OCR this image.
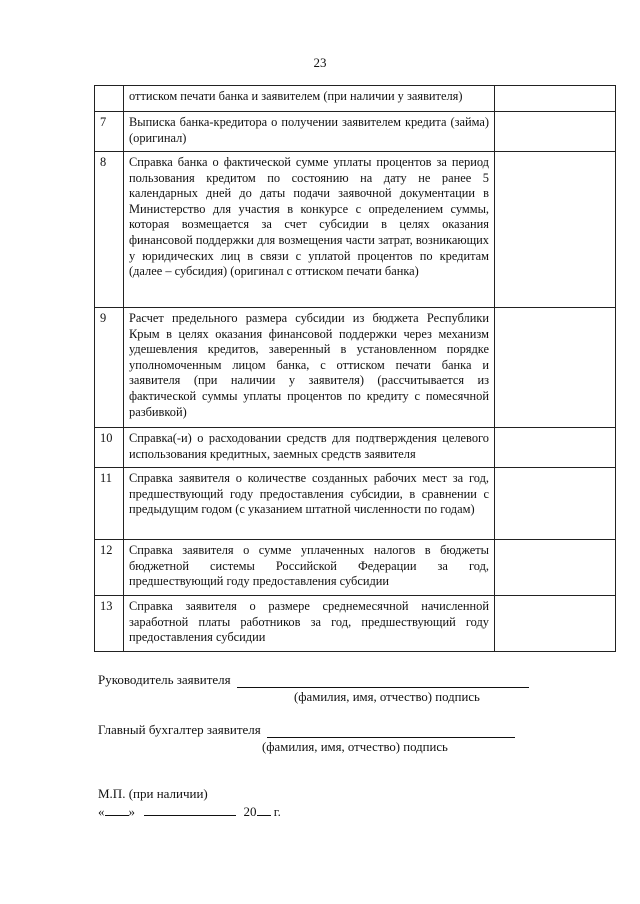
23
	оттиском печати банка и заявителем (при наличии у заявителя)	
7	Выписка банка-кредитора о получении заявителем кредита (займа) (оригинал)	
8	Справка банка о фактической сумме уплаты процентов за период пользования кредитом по состоянию на дату не ранее 5 календарных дней до даты подачи заявочной документации в Министерство для участия в конкурсе с определением суммы, которая возмещается за счет субсидии в целях оказания финансовой поддержки для возмещения части затрат, возникающих у юридических лиц в связи с уплатой процентов по кредитам (далее – субсидия) (оригинал с оттиском печати банка)	
9	Расчет предельного размера субсидии из бюджета Республики Крым в целях оказания финансовой поддержки через механизм удешевления кредитов, заверенный в установленном порядке уполномоченным лицом банка, с оттиском печати банка и заявителя (при наличии у заявителя) (рассчитывается из фактической суммы уплаты процентов по кредиту с помесячной разбивкой)	
10	Справка(-и) о расходовании средств для подтверждения целевого использования кредитных, заемных средств заявителя	
11	Справка заявителя о количестве созданных рабочих мест за год, предшествующий году предоставления субсидии, в сравнении с предыдущим годом (с указанием штатной численности по годам)	
12	Справка заявителя о сумме уплаченных налогов в бюджеты бюджетной системы Российской Федерации за год, предшествующий году предоставления субсидии	
13	Справка заявителя о размере среднемесячной начисленной заработной платы работников за год, предшествующий году предоставления субсидии	
Руководитель заявителя
(фамилия, имя, отчество) подпись
Главный бухгалтер заявителя
(фамилия, имя, отчество) подпись
М.П. (при наличии)
« »	20 г.
